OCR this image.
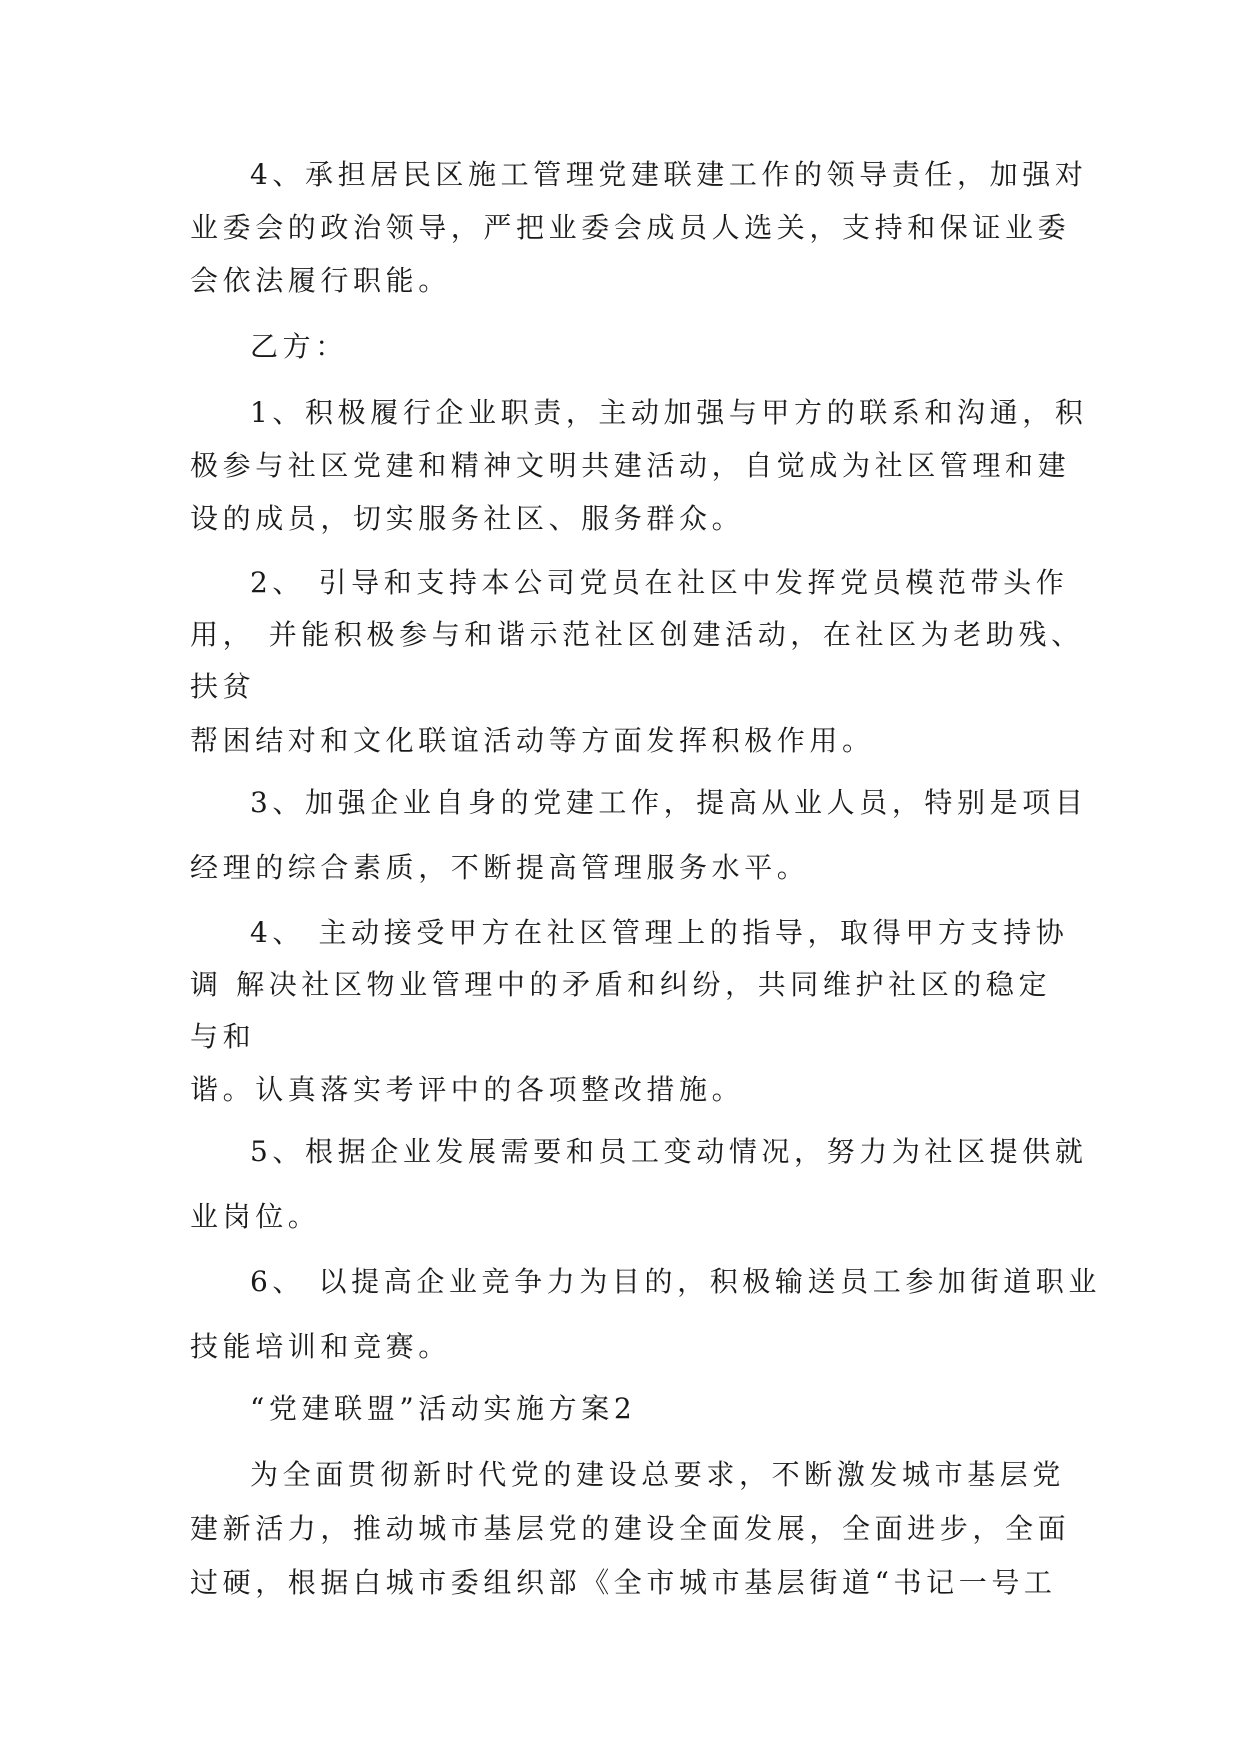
4、承担居民区施工管理党建联建工作的领导责任，加强对
业委会的政治领导，严把业委会成员人选关，支持和保证业委
会依法履行职能。
乙方：
1、积极履行企业职责，主动加强与甲方的联系和沟通，积
极参与社区党建和精神文明共建活动，自觉成为社区管理和建
设的成员，切实服务社区、服务群众。
2、 引导和支持本公司党员在社区中发挥党员模范带头作
用， 并能积极参与和谐示范社区创建活动，在社区为老助残、
扶贫
帮困结对和文化联谊活动等方面发挥积极作用。
3、加强企业自身的党建工作，提高从业人员，特别是项目
经理的综合素质，不断提高管理服务水平。
4、 主动接受甲方在社区管理上的指导，取得甲方支持协
调 解决社区物业管理中的矛盾和纠纷，共同维护社区的稳定
与和
谐。认真落实考评中的各项整改措施。
5、根据企业发展需要和员工变动情况，努力为社区提供就
业岗位。
6、 以提高企业竞争力为目的，积极输送员工参加街道职业
技能培训和竞赛。
“党建联盟”活动实施方案2
为全面贯彻新时代党的建设总要求，不断激发城市基层党
建新活力，推动城市基层党的建设全面发展，全面进步，全面
过硬，根据白城市委组织部《全市城市基层街道“书记一号工
